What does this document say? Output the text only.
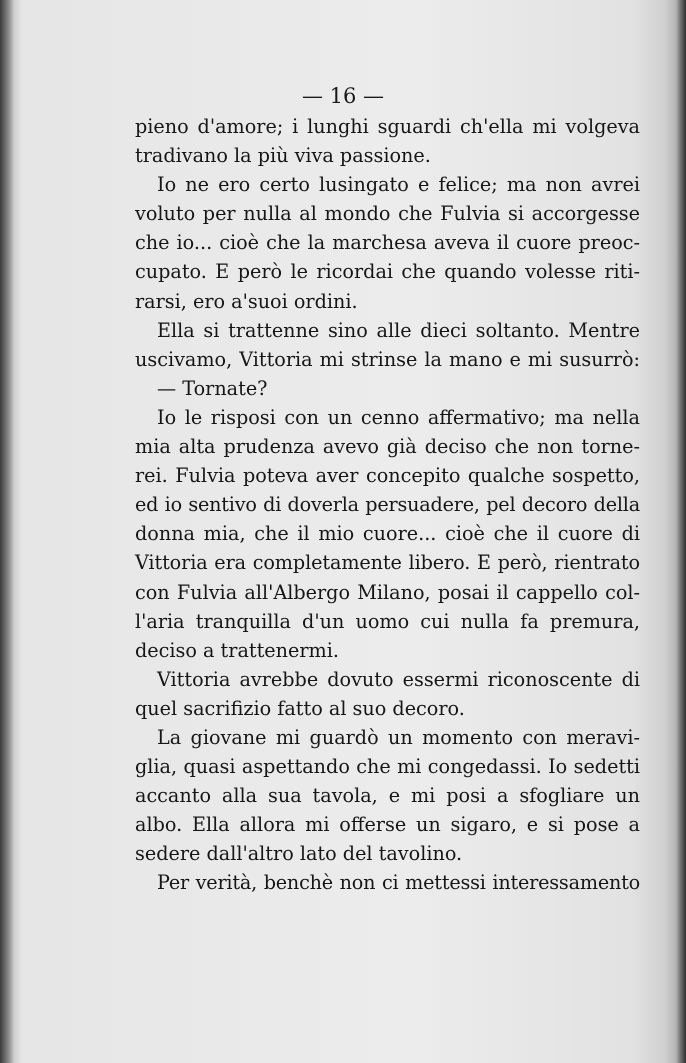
— 16 —
pieno d'amore; i lunghi sguardi ch'ella mi volgeva
tradivano la più viva passione.
Io ne ero certo lusingato e felice; ma non avrei
voluto per nulla al mondo che Fulvia si accorgesse
che io... cioè che la marchesa aveva il cuore preoc-
cupato. E però le ricordai che quando volesse riti-
rarsi, ero a'suoi ordini.
Ella si trattenne sino alle dieci soltanto. Mentre
uscivamo, Vittoria mi strinse la mano e mi susurrò:
— Tornate?
Io le risposi con un cenno affermativo; ma nella
mia alta prudenza avevo già deciso che non torne-
rei. Fulvia poteva aver concepito qualche sospetto,
ed io sentivo di doverla persuadere, pel decoro della
donna mia, che il mio cuore... cioè che il cuore di
Vittoria era completamente libero. E però, rientrato
con Fulvia all'Albergo Milano, posai il cappello col-
l'aria tranquilla d'un uomo cui nulla fa premura,
deciso a trattenermi.
Vittoria avrebbe dovuto essermi riconoscente di
quel sacrifizio fatto al suo decoro.
La giovane mi guardò un momento con meravi-
glia, quasi aspettando che mi congedassi. Io sedetti
accanto alla sua tavola, e mi posi a sfogliare un
albo. Ella allora mi offerse un sigaro, e si pose a
sedere dall'altro lato del tavolino.
Per verità, benchè non ci mettessi interessamento
